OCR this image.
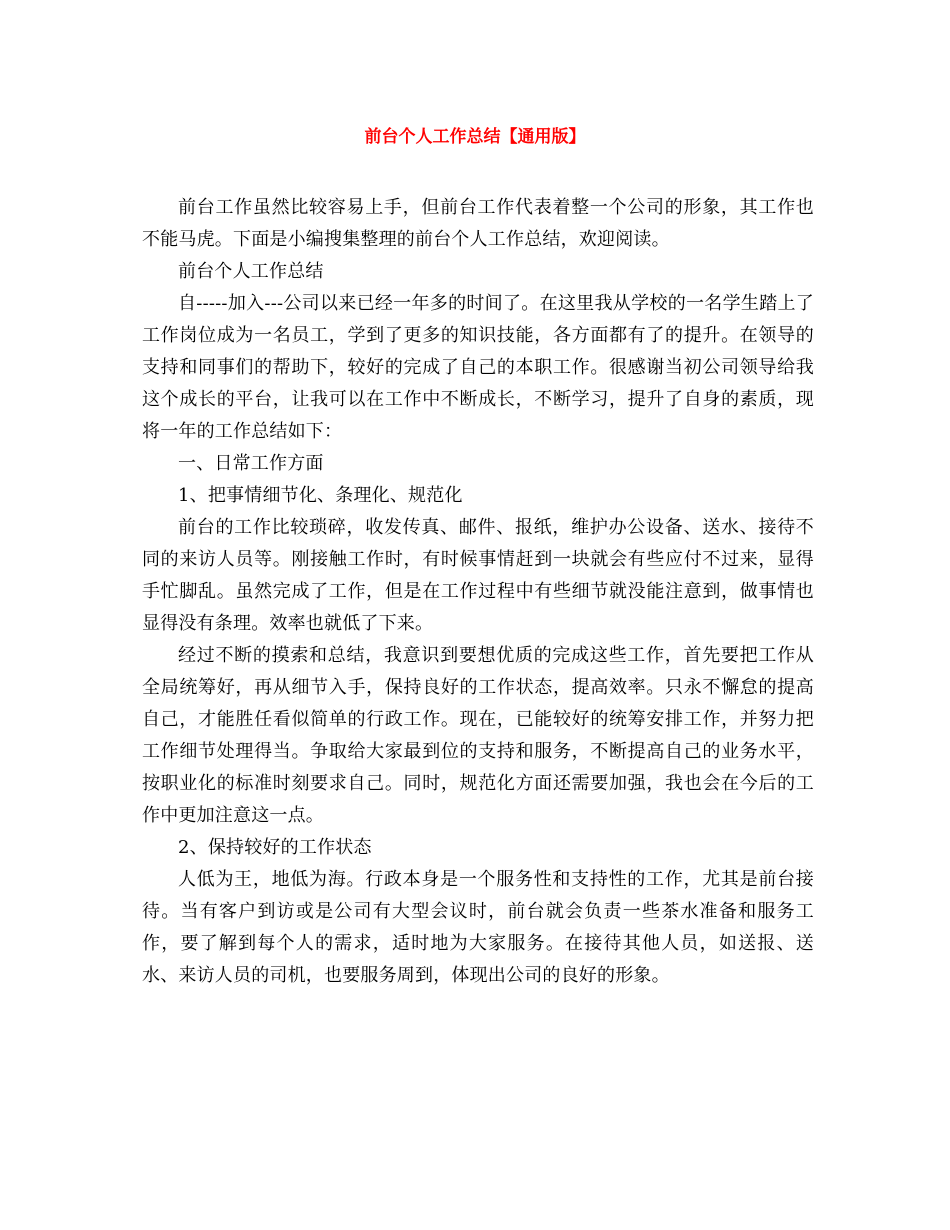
前台个人工作总结【通用版】

前台工作虽然比较容易上手，但前台工作代表着整一个公司的形象，其工作也不能马虎。下面是小编搜集整理的前台个人工作总结，欢迎阅读。

前台个人工作总结

自-----加入---公司以来已经一年多的时间了。在这里我从学校的一名学生踏上了工作岗位成为一名员工，学到了更多的知识技能，各方面都有了的提升。在领导的支持和同事们的帮助下，较好的完成了自己的本职工作。很感谢当初公司领导给我这个成长的平台，让我可以在工作中不断成长，不断学习，提升了自身的素质，现将一年的工作总结如下：

一、日常工作方面

1、把事情细节化、条理化、规范化

前台的工作比较琐碎，收发传真、邮件、报纸，维护办公设备、送水、接待不同的来访人员等。刚接触工作时，有时候事情赶到一块就会有些应付不过来，显得手忙脚乱。虽然完成了工作，但是在工作过程中有些细节就没能注意到，做事情也显得没有条理。效率也就低了下来。

经过不断的摸索和总结，我意识到要想优质的完成这些工作，首先要把工作从全局统筹好，再从细节入手，保持良好的工作状态，提高效率。只永不懈怠的提高自己，才能胜任看似简单的行政工作。现在，已能较好的统筹安排工作，并努力把工作细节处理得当。争取给大家最到位的支持和服务，不断提高自己的业务水平，按职业化的标准时刻要求自己。同时，规范化方面还需要加强，我也会在今后的工作中更加注意这一点。

2、保持较好的工作状态

人低为王，地低为海。行政本身是一个服务性和支持性的工作，尤其是前台接待。当有客户到访或是公司有大型会议时，前台就会负责一些茶水准备和服务工作，要了解到每个人的需求，适时地为大家服务。在接待其他人员，如送报、送水、来访人员的司机，也要服务周到，体现出公司的良好的形象。
